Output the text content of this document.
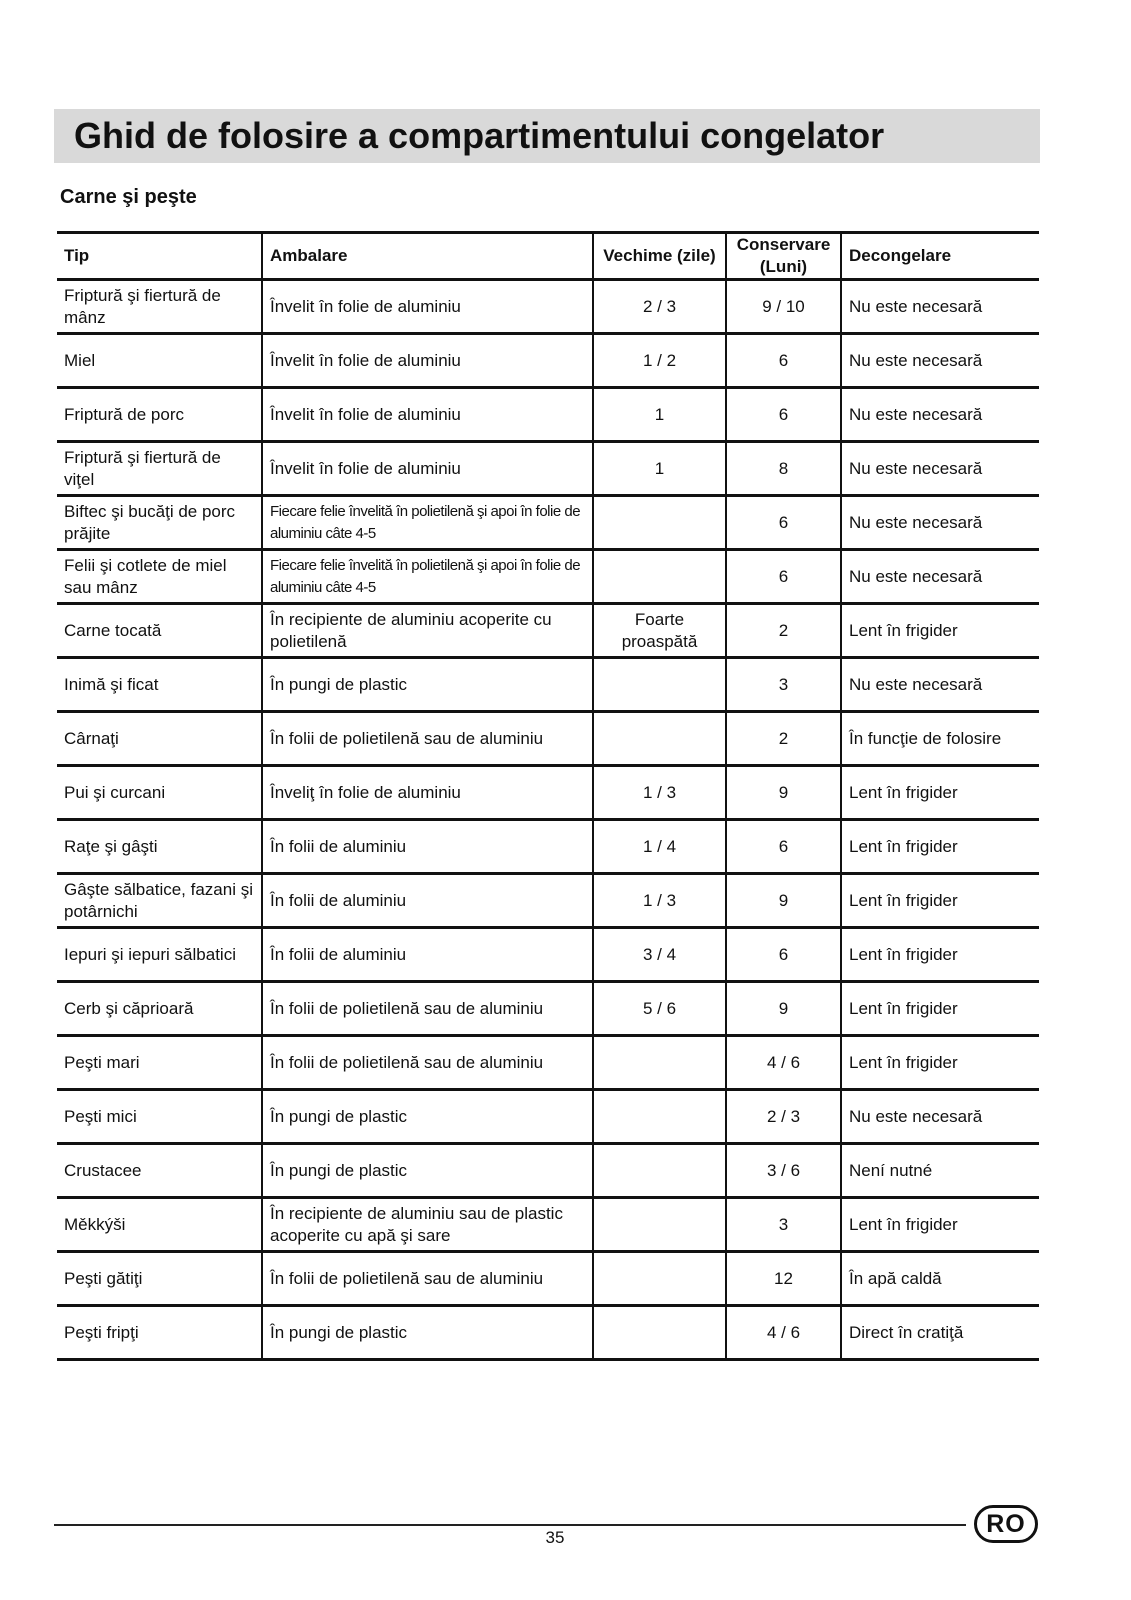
Ghid de folosire a compartimentului congelator
Carne şi peşte
Tip	Ambalare	Vechime (zile)	Conservare (Luni)	Decongelare
Friptură şi fiertură de mânz	Învelit în folie de aluminiu	2 / 3	9 / 10	Nu este necesară
Miel	Învelit în folie de aluminiu	1 / 2	6	Nu este necesară
Friptură de porc	Învelit în folie de aluminiu	1	6	Nu este necesară
Friptură şi fiertură de viţel	Învelit în folie de aluminiu	1	8	Nu este necesară
Biftec şi bucăţi de porc prăjite	Fiecare felie învelită în polietilenă şi apoi în folie de aluminiu câte 4-5		6	Nu este necesară
Felii şi cotlete de miel sau mânz	Fiecare felie învelită în polietilenă şi apoi în folie de aluminiu câte 4-5		6	Nu este necesară
Carne tocată	În recipiente de aluminiu acoperite cu polietilenă	Foarte proaspătă	2	Lent în frigider
Inimă şi ficat	În pungi de plastic		3	Nu este necesară
Cârnaţi	În folii de polietilenă sau de aluminiu		2	În funcţie de folosire
Pui şi curcani	Înveliţ în folie de aluminiu	1 / 3	9	Lent în frigider
Raţe şi gâşti	În folii de aluminiu	1 / 4	6	Lent în frigider
Gâşte sălbatice, fazani şi potârnichi	În folii de aluminiu	1 / 3	9	Lent în frigider
Iepuri şi iepuri sălbatici	În folii de aluminiu	3 / 4	6	Lent în frigider
Cerb şi căprioară	În folii de polietilenă sau de aluminiu	5 / 6	9	Lent în frigider
Peşti mari	În folii de polietilenă sau de aluminiu		4 / 6	Lent în frigider
Peşti mici	În pungi de plastic		2 / 3	Nu este necesară
Crustacee	În pungi de plastic		3 / 6	Není nutné
Měkkýši	În recipiente de aluminiu sau de plastic acoperite cu apă şi sare		3	Lent în frigider
Peşti gătiţi	În folii de polietilenă sau de aluminiu		12	În apă caldă
Peşti fripţi	În pungi de plastic		4 / 6	Direct în cratiţă
35	RO
